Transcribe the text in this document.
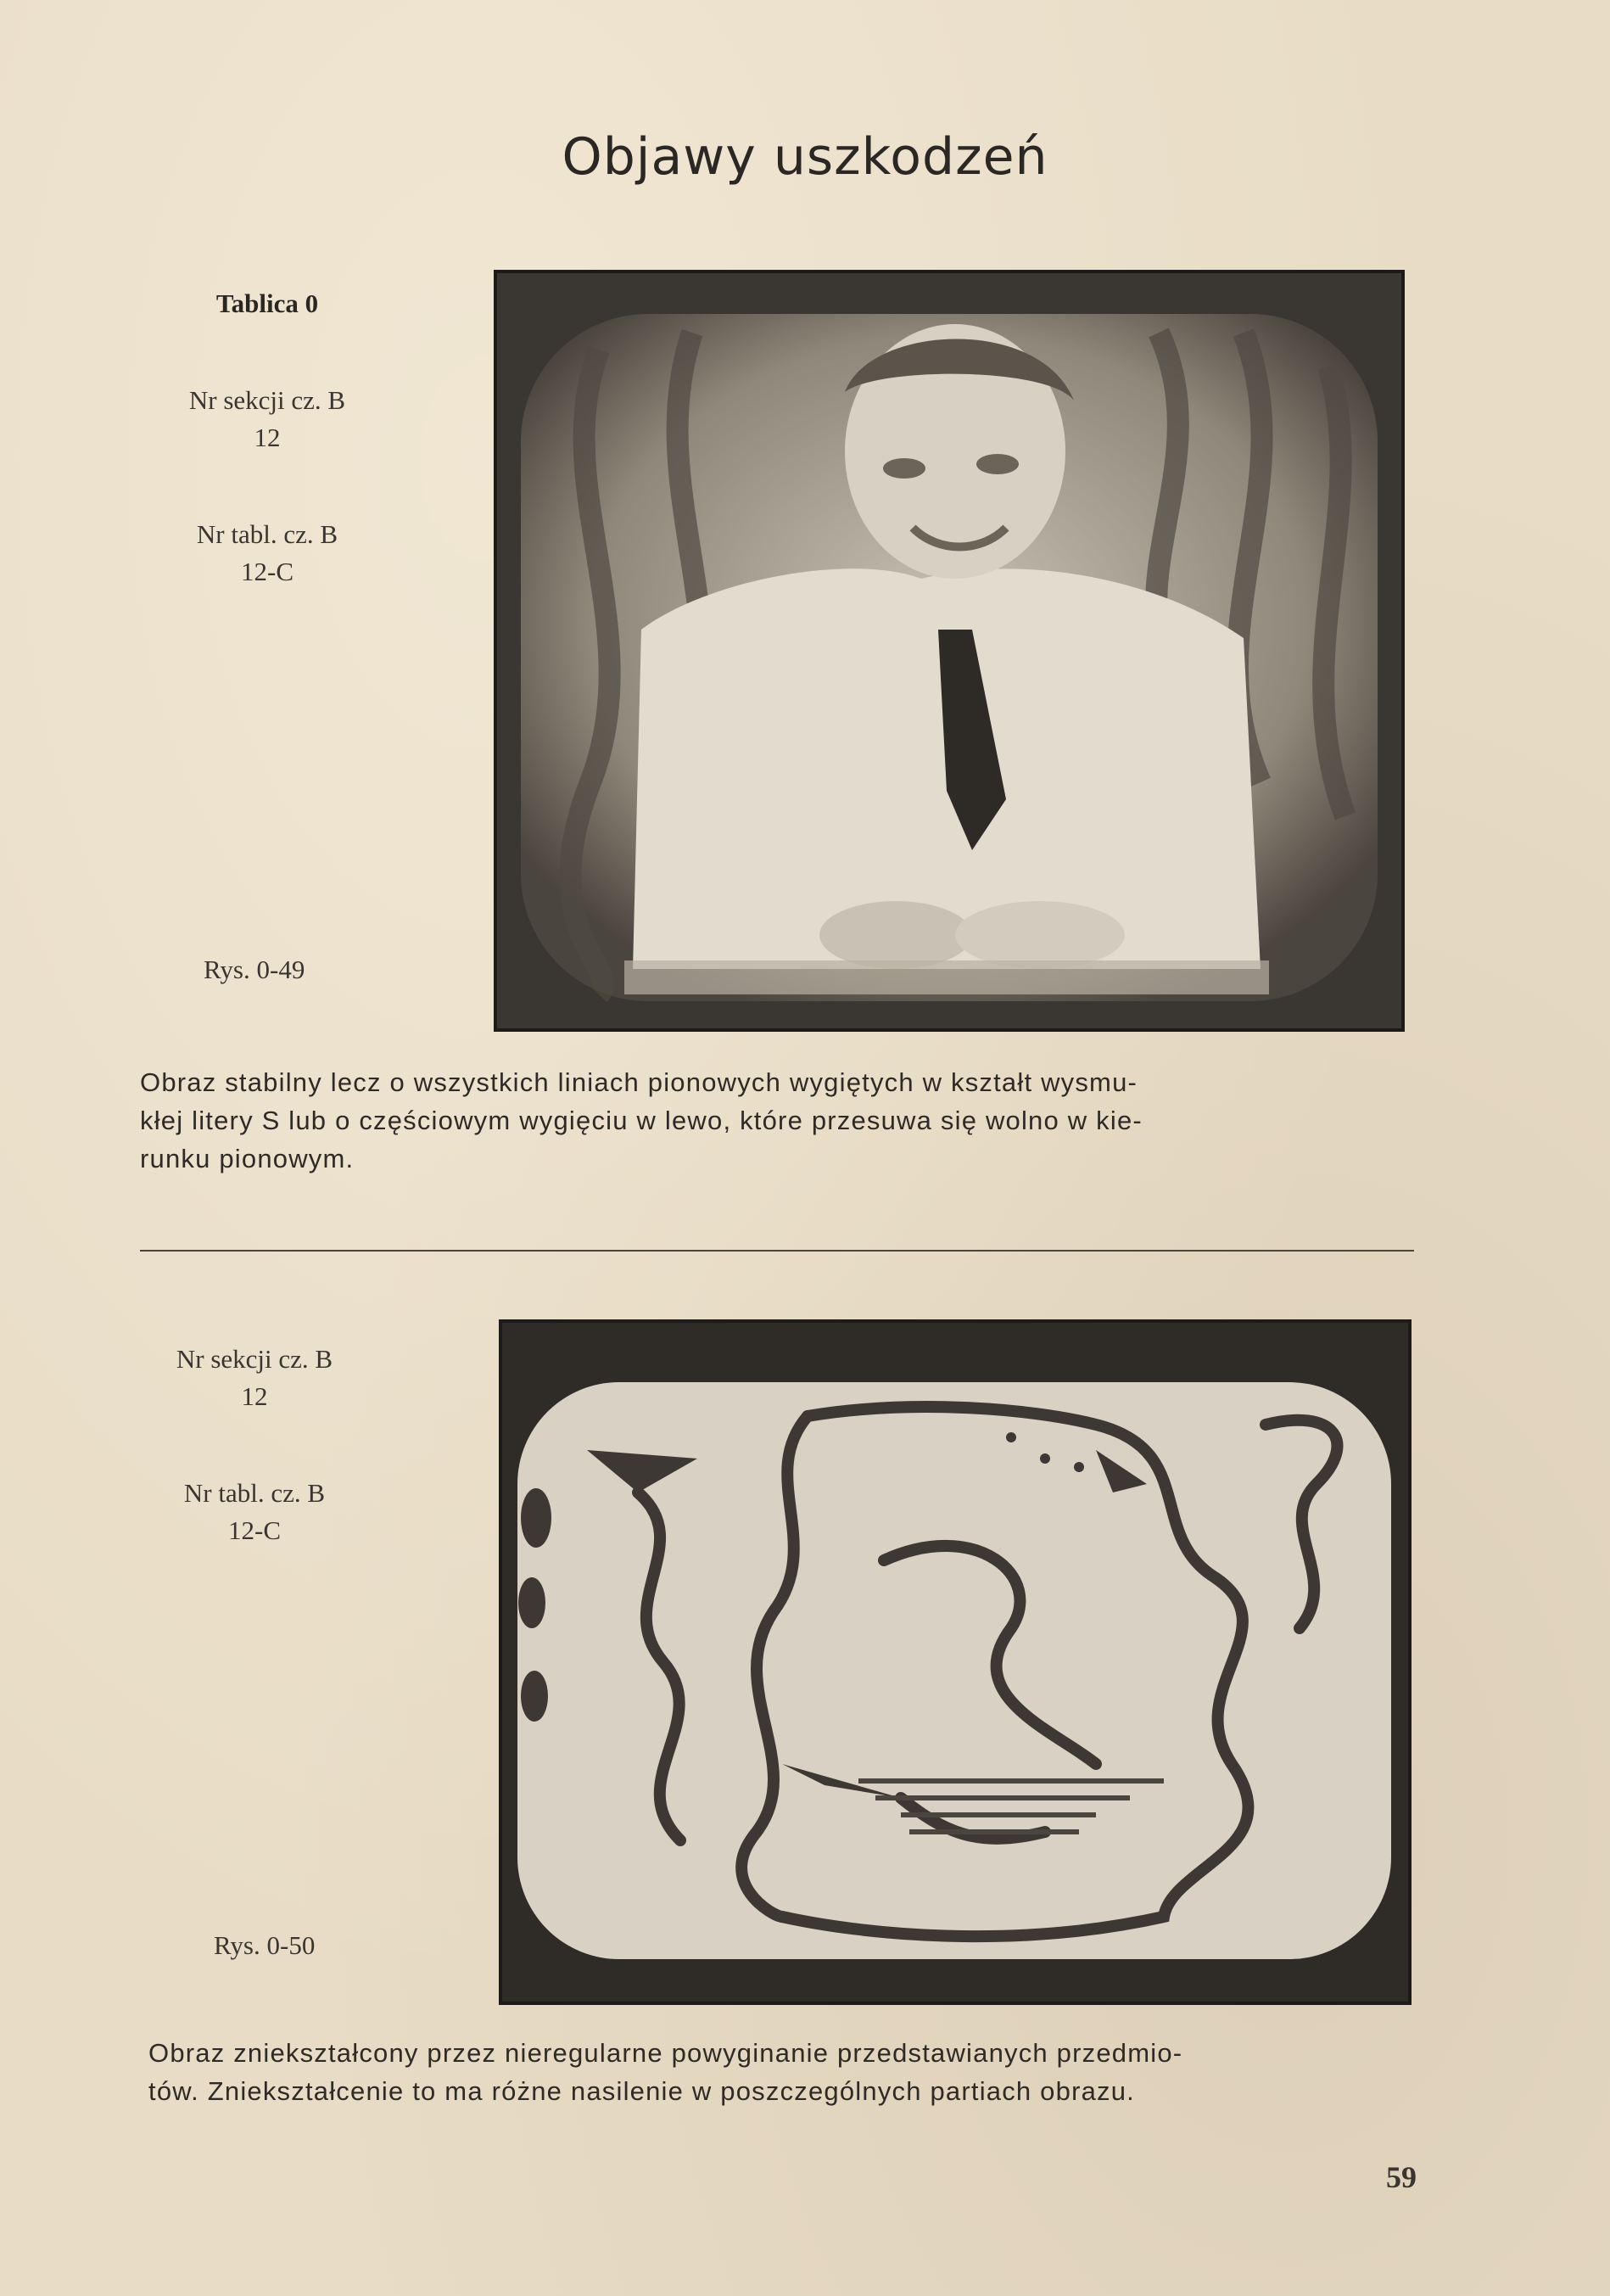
Objawy uszkodzeń
Tablica 0
Nr sekcji cz. B
12
Nr tabl. cz. B
12-C
Rys. 0-49
Obraz stabilny lecz o wszystkich liniach pionowych wygiętych w kształt wysmu-
kłej litery S lub o częściowym wygięciu w lewo, które przesuwa się wolno w kie-
runku pionowym.
Nr sekcji cz. B
12
Nr tabl. cz. B
12-C
Rys. 0-50
Obraz zniekształcony przez nieregularne powyginanie przedstawianych przedmio-
tów. Zniekształcenie to ma różne nasilenie w poszczególnych partiach obrazu.
59
